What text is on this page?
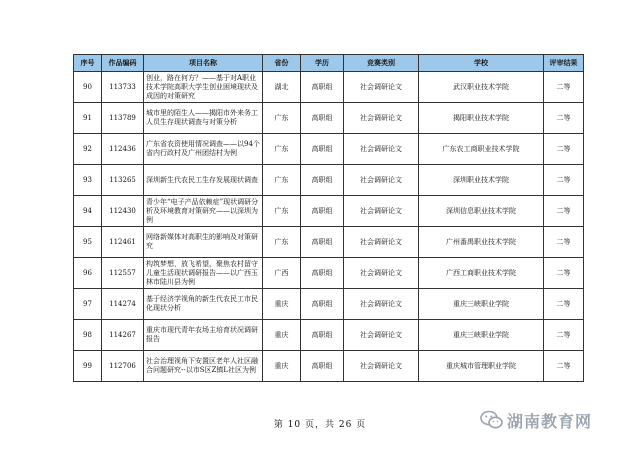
序号	作品编码	项目名称	省份	学历	竞赛类别	学校	评审结果
90	113733	创业，路在何方？——基于对A职业技术学院高职大学生创业困境现状及成因的对策研究	湖北	高职组	社会调研论文	武汉职业技术学院	二等
91	113789	城市里的陌生人——揭阳市外来务工人员生存现状调查与对策分析	广东	高职组	社会调研论文	揭阳职业技术学院	二等
92	112436	广东省农资使用情况调查——以94个省内行政村及广州团结村为例	广东	高职组	社会调研论文	广东农工商职业技术学院	二等
93	113265	深圳新生代农民工生存发展现状调查	广东	高职组	社会调研论文	深圳职业技术学院	二等
94	112430	青少年“电子产品依赖症”现状调研分析及环境教育对策研究——以深圳为例	广东	高职组	社会调研论文	深圳信息职业技术学院	二等
95	112461	网络新媒体对高职生的影响及对策研究	广东	高职组	社会调研论文	广州番禺职业技术学院	二等
96	112557	构筑梦想，放飞希望，聚焦农村留守儿童生活现状调研报告——以广西玉林市陆川县为例	广西	高职组	社会调研论文	广西工商职业技术学院	二等
97	114274	基于经济学视角的新生代农民工市民化现状分析	重庆	高职组	社会调研论文	重庆三峡职业学院	二等
98	114267	重庆市现代青年农场主培育状况调研报告	重庆	高职组	社会调研论文	重庆三峡职业学院	二等
99	112706	社会治理视角下安置区老年人社区融合问题研究--以市S区Z镇L社区为例	重庆	高职组	社会调研论文	重庆城市管理职业学院	二等
第 10 页，共 26 页	湖南教育网
